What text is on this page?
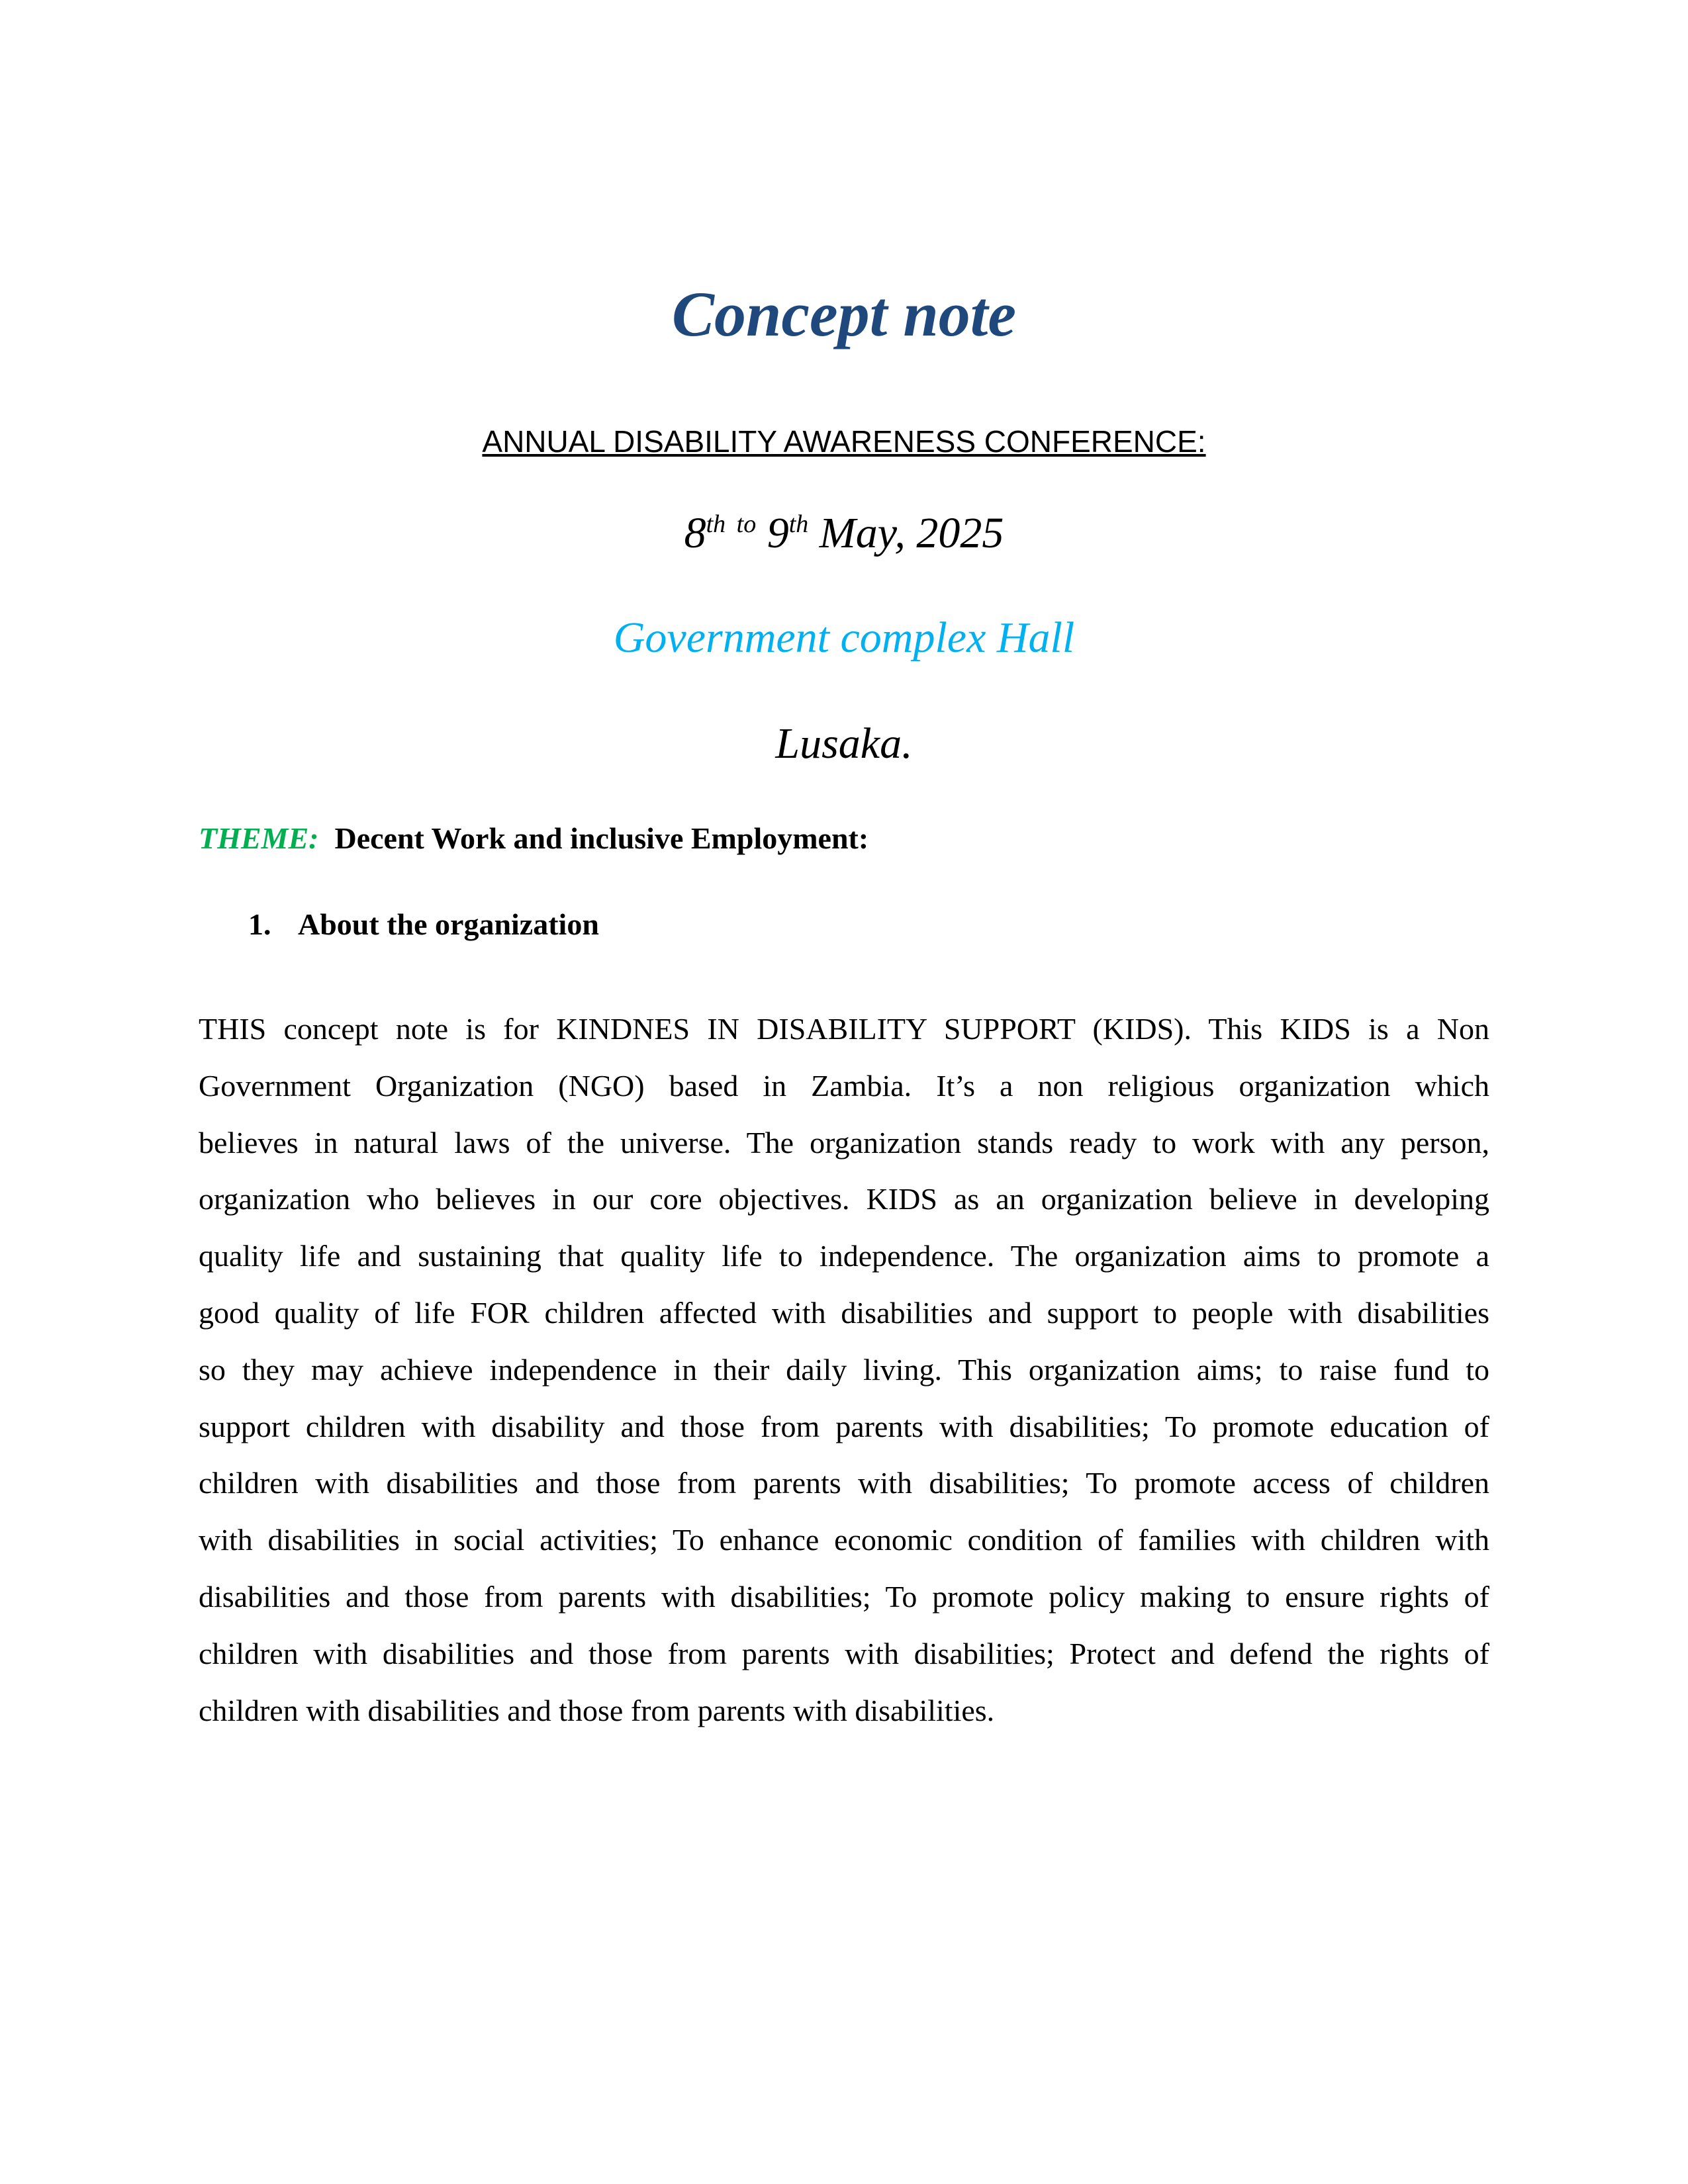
Concept note
ANNUAL DISABILITY AWARENESS CONFERENCE:
8th $^{to}$ 9th May, 2025
Government complex Hall
Lusaka.
THEME: Decent Work and inclusive Employment:
1. About the organization
THIS concept note is for KINDNES IN DISABILITY SUPPORT (KIDS). This KIDS is a Non
Government Organization (NGO) based in Zambia. It’s a non religious organization which
believes in natural laws of the universe. The organization stands ready to work with any person,
organization who believes in our core objectives. KIDS as an organization believe in developing
quality life and sustaining that quality life to independence. The organization aims to promote a
good quality of life FOR children affected with disabilities and support to people with disabilities
so they may achieve independence in their daily living. This organization aims; to raise fund to
support children with disability and those from parents with disabilities; To promote education of
children with disabilities and those from parents with disabilities; To promote access of children
with disabilities in social activities; To enhance economic condition of families with children with
disabilities and those from parents with disabilities; To promote policy making to ensure rights of
children with disabilities and those from parents with disabilities; Protect and defend the rights of
children with disabilities and those from parents with disabilities.
